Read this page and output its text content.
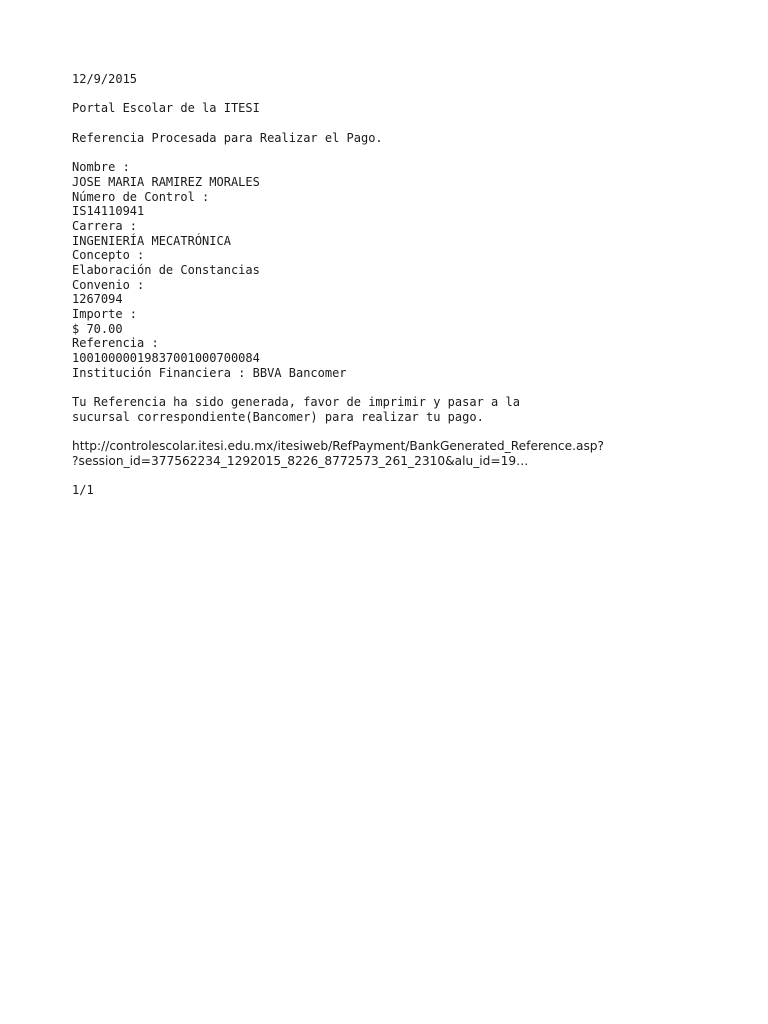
12/9/2015
Portal Escolar de la ITESI
Referencia Procesada para Realizar el Pago.
Nombre :
JOSE MARIA RAMIREZ MORALES
Número de Control :
IS14110941
Carrera :
INGENIERÍA MECATRÓNICA
Concepto :
Elaboración de Constancias
Convenio :
1267094
Importe :
$ 70.00
Referencia :
10010000019837001000700084
Institución Financiera : BBVA Bancomer
Tu Referencia ha sido generada, favor de imprimir y pasar a la
sucursal correspondiente(Bancomer) para realizar tu pago.
http://controlescolar.itesi.edu.mx/itesiweb/RefPayment/BankGenerated_Reference.asp?
?session_id=377562234_1292015_8226_8772573_261_2310&alu_id=19…
1/1
